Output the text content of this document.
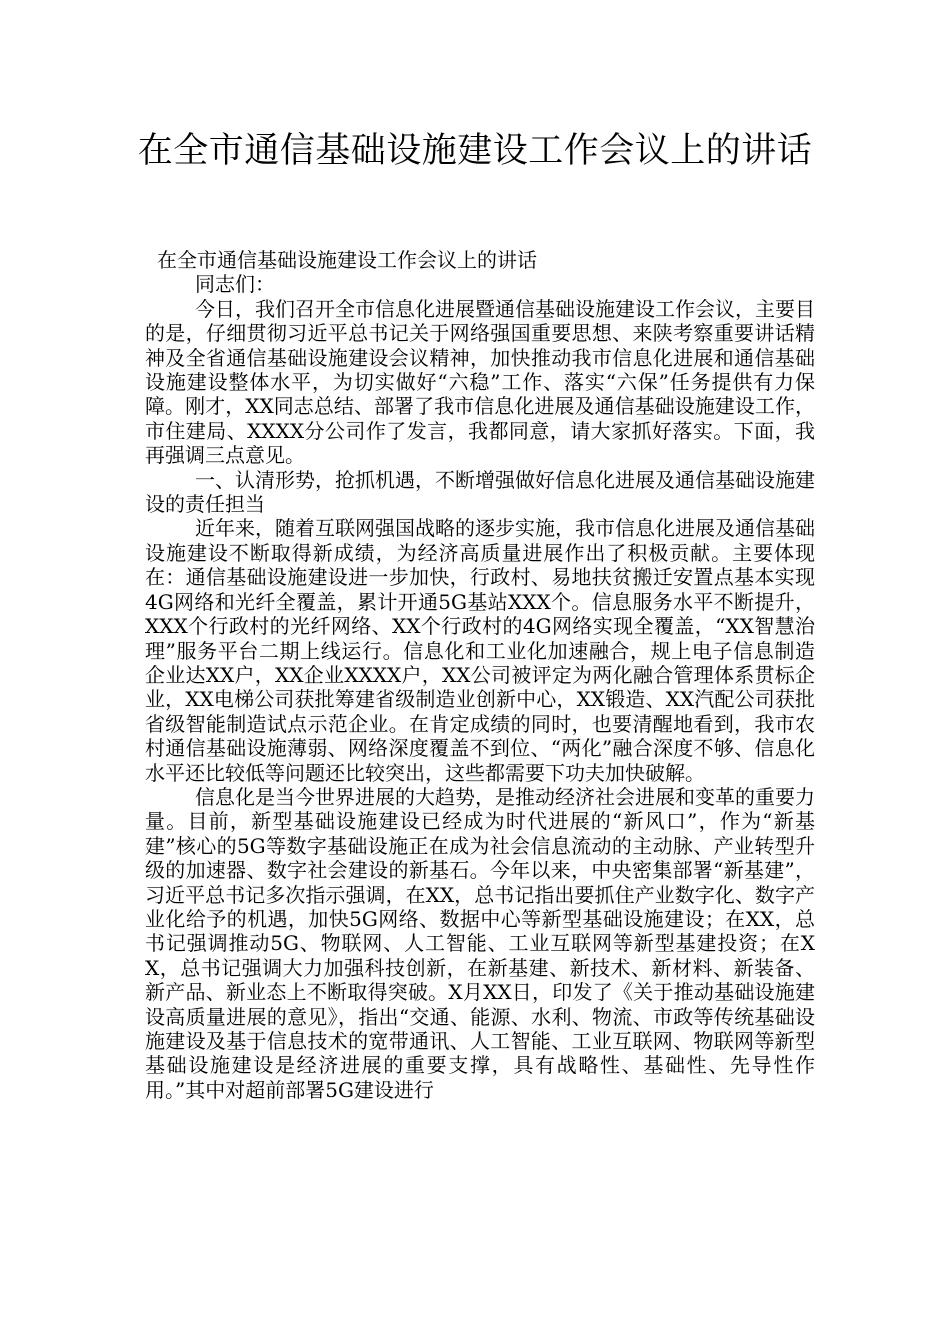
在全市通信基础设施建设工作会议上的讲话

在全市通信基础设施建设工作会议上的讲话

同志们：

今日，我们召开全市信息化进展暨通信基础设施建设工作会议，主要目的是，仔细贯彻习近平总书记关于网络强国重要思想、来陕考察重要讲话精神及全省通信基础设施建设会议精神，加快推动我市信息化进展和通信基础设施建设整体水平，为切实做好“六稳”工作、落实“六保”任务提供有力保障。刚才，XX同志总结、部署了我市信息化进展及通信基础设施建设工作，市住建局、XXXX分公司作了发言，我都同意，请大家抓好落实。下面，我再强调三点意见。

一、认清形势，抢抓机遇，不断增强做好信息化进展及通信基础设施建设的责任担当

近年来，随着互联网强国战略的逐步实施，我市信息化进展及通信基础设施建设不断取得新成绩，为经济高质量进展作出了积极贡献。主要体现在：通信基础设施建设进一步加快，行政村、易地扶贫搬迁安置点基本实现4G网络和光纤全覆盖，累计开通5G基站XXX个。信息服务水平不断提升，XXX个行政村的光纤网络、XX个行政村的4G网络实现全覆盖，“XX智慧治理”服务平台二期上线运行。信息化和工业化加速融合，规上电子信息制造企业达XX户，XX企业XXXX户，XX公司被评定为两化融合管理体系贯标企业，XX电梯公司获批筹建省级制造业创新中心，XX锻造、XX汽配公司获批省级智能制造试点示范企业。在肯定成绩的同时，也要清醒地看到，我市农村通信基础设施薄弱、网络深度覆盖不到位、“两化”融合深度不够、信息化水平还比较低等问题还比较突出，这些都需要下功夫加快破解。

信息化是当今世界进展的大趋势，是推动经济社会进展和变革的重要力量。目前，新型基础设施建设已经成为时代进展的“新风口”，作为“新基建”核心的5G等数字基础设施正在成为社会信息流动的主动脉、产业转型升级的加速器、数字社会建设的新基石。今年以来，中央密集部署“新基建”，习近平总书记多次指示强调，在XX，总书记指出要抓住产业数字化、数字产业化给予的机遇，加快5G网络、数据中心等新型基础设施建设；在XX，总书记强调推动5G、物联网、人工智能、工业互联网等新型基建投资；在XX，总书记强调大力加强科技创新，在新基建、新技术、新材料、新装备、新产品、新业态上不断取得突破。X月XX日，印发了《关于推动基础设施建设高质量进展的意见》，指出“交通、能源、水利、物流、市政等传统基础设施建设及基于信息技术的宽带通讯、人工智能、工业互联网、物联网等新型基础设施建设是经济进展的重要支撑，具有战略性、基础性、先导性作用。”其中对超前部署5G建设进行
